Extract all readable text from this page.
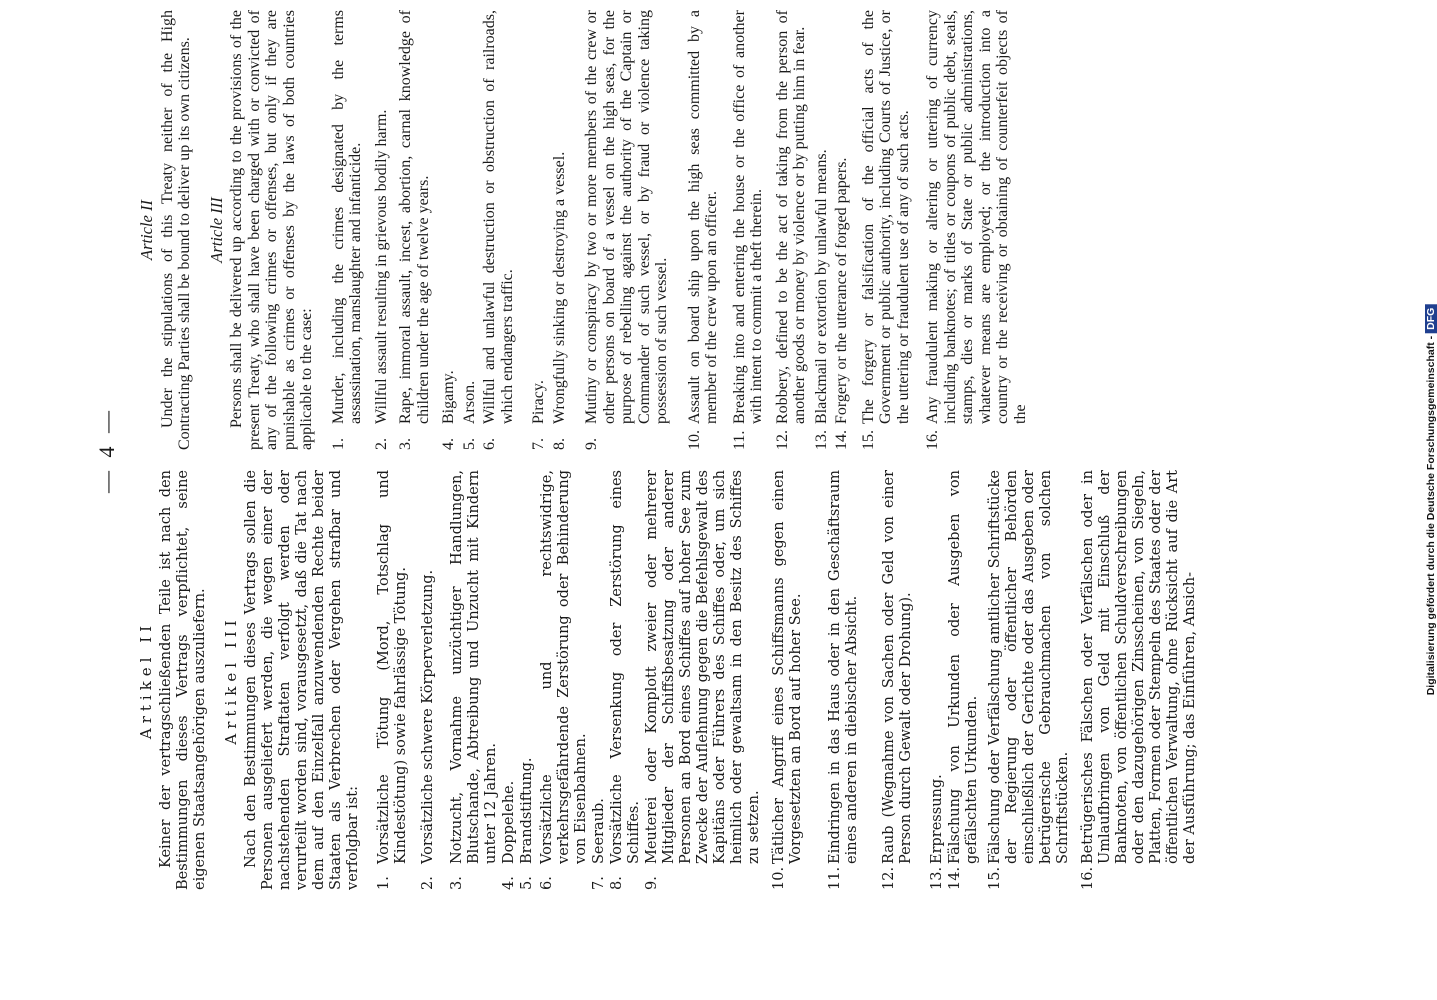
— 4 —
Artikel II Keiner der vertragschließenden Teile ist nach den Bestimmungen dieses Vertrags verpflichtet, seine eigenen Staatsangehörigen auszuliefern. Artikel III Nach den Bestimmungen dieses Vertrags sollen die Personen ausgeliefert werden, die wegen einer der nachstehenden Straftaten verfolgt werden oder verurteilt worden sind, vorausgesetzt, daß die Tat nach dem auf den Einzelfall anzuwendenden Rechte beider Staaten als Verbrechen oder Vergehen strafbar und verfolgbar ist: 1.
Vorsätzliche Tötung (Mord, Totschlag und Kindestötung) sowie fahrlässige Tötung.
2.
Vorsätzliche schwere Körperverletzung.
3.
Notzucht, Vornahme unzüchtiger Handlungen, Blutschande, Abtreibung und Unzucht mit Kindern unter 12 Jahren.
4.
Doppelehe.
5.
Brandstiftung.
6.
Vorsätzliche und rechtswidrige, verkehrsgefährdende Zerstörung oder Behinderung von Eisenbahnen.
7.
Seeraub.
8.
Vorsätzliche Versenkung oder Zerstörung eines Schiffes.
9.
Meuterei oder Komplott zweier oder mehrerer Mitglieder der Schiffsbesatzung oder anderer Personen an Bord eines Schiffes auf hoher See zum Zwecke der Auflehnung gegen die Befehlsgewalt des Kapitäns oder Führers des Schiffes oder, um sich heimlich oder gewaltsam in den Besitz des Schiffes zu setzen.
10.
Tätlicher Angriff eines Schiffsmanns gegen einen Vorgesetzten an Bord auf hoher See.
11.
Eindringen in das Haus oder in den Geschäftsraum eines anderen in diebischer Absicht.
12.
Raub (Wegnahme von Sachen oder Geld von einer Person durch Gewalt oder Drohung).
13.
Erpressung.
14.
Fälschung von Urkunden oder Ausgeben von gefälschten Urkunden.
15.
Fälschung oder Verfälschung amtlicher Schriftstücke der Regierung oder öffentlicher Behörden einschließlich der Gerichte oder das Ausgeben oder betrügerische Gebrauchmachen von solchen Schriftstücken.
16.
Betrügerisches Fälschen oder Verfälschen oder in Umlaufbringen von Geld mit Einschluß der Banknoten, von öffentlichen Schuldverschreibungen oder den dazugehörigen Zinsscheinen, von Siegeln, Platten, Formen oder Stempeln des Staates oder der öffentlichen Verwaltung, ohne Rücksicht auf die Art der Ausführung; das Einführen, Ansich-
Article II Under the stipulations of this Treaty neither of the High Contracting Parties shall be bound to deliver up its own citizens. Article III Persons shall be delivered up according to the provisions of the present Treaty, who shall have been charged with or convicted of any of the following crimes or offenses, but only if they are punishable as crimes or offenses by the laws of both countries applicable to the case: 1.
Murder, including the crimes designated by the terms assassination, manslaughter and infanticide.
2.
Willful assault resulting in grievous bodily harm.
3.
Rape, immoral assault, incest, abortion, carnal knowledge of children under the age of twelve years.
4.
Bigamy.
5.
Arson.
6.
Willful and unlawful destruction or obstruction of railroads, which endangers traffic.
7.
Piracy.
8.
Wrongfully sinking or destroying a vessel.
9.
Mutiny or conspiracy by two or more members of the crew or other persons on board of a vessel on the high seas, for the purpose of rebelling against the authority of the Captain or Commander of such vessel, or by fraud or violence taking possession of such vessel.
10.
Assault on board ship upon the high seas committed by a member of the crew upon an officer.
11.
Breaking into and entering the house or the office of another with intent to commit a theft therein.
12.
Robbery, defined to be the act of taking from the person of another goods or money by violence or by putting him in fear.
13.
Blackmail or extortion by unlawful means.
14.
Forgery or the utterance of forged papers.
15.
The forgery or falsification of the official acts of the Government or public authority, including Courts of Justice, or the uttering or fraudulent use of any of such acts.
16.
Any fraudulent making or altering or uttering of currency including banknotes; of titles or coupons of public debt, seals, stamps, dies or marks of State or public administrations, whatever means are employed; or the introduction into a country or the receiving or obtaining of counterfeit objects of the	Digitalisierung gefördert durch die Deutsche Forschungsgemeinschaft -DFG
